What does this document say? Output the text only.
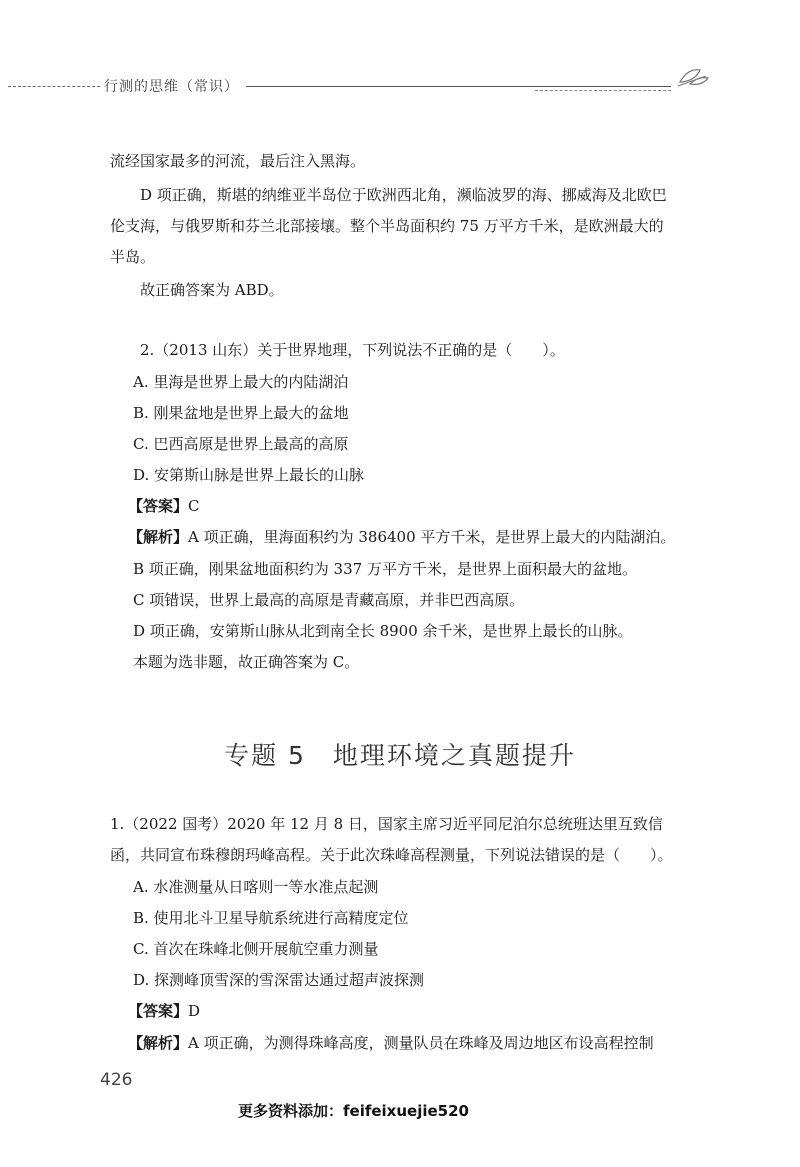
行测的思维（常识）
流经国家最多的河流，最后注入黑海。
D 项正确，斯堪的纳维亚半岛位于欧洲西北角，濒临波罗的海、挪威海及北欧巴
伦支海，与俄罗斯和芬兰北部接壤。整个半岛面积约 75 万平方千米，是欧洲最大的
半岛。
故正确答案为 ABD。
2.（2013 山东）关于世界地理，下列说法不正确的是（　　）。
A. 里海是世界上最大的内陆湖泊
B. 刚果盆地是世界上最大的盆地
C. 巴西高原是世界上最高的高原
D. 安第斯山脉是世界上最长的山脉
【答案】C
【解析】A 项正确，里海面积约为 386400 平方千米，是世界上最大的内陆湖泊。
B 项正确，刚果盆地面积约为 337 万平方千米，是世界上面积最大的盆地。
C 项错误，世界上最高的高原是青藏高原，并非巴西高原。
D 项正确，安第斯山脉从北到南全长 8900 余千米，是世界上最长的山脉。
本题为选非题，故正确答案为 C。
专题 5　地理环境之真题提升
1.（2022 国考）2020 年 12 月 8 日，国家主席习近平同尼泊尔总统班达里互致信
函，共同宣布珠穆朗玛峰高程。关于此次珠峰高程测量，下列说法错误的是（　　）。
A. 水准测量从日喀则一等水准点起测
B. 使用北斗卫星导航系统进行高精度定位
C. 首次在珠峰北侧开展航空重力测量
D. 探测峰顶雪深的雪深雷达通过超声波探测
【答案】D
【解析】A 项正确，为测得珠峰高度，测量队员在珠峰及周边地区布设高程控制
426
更多资料添加：feifeixuejie520
